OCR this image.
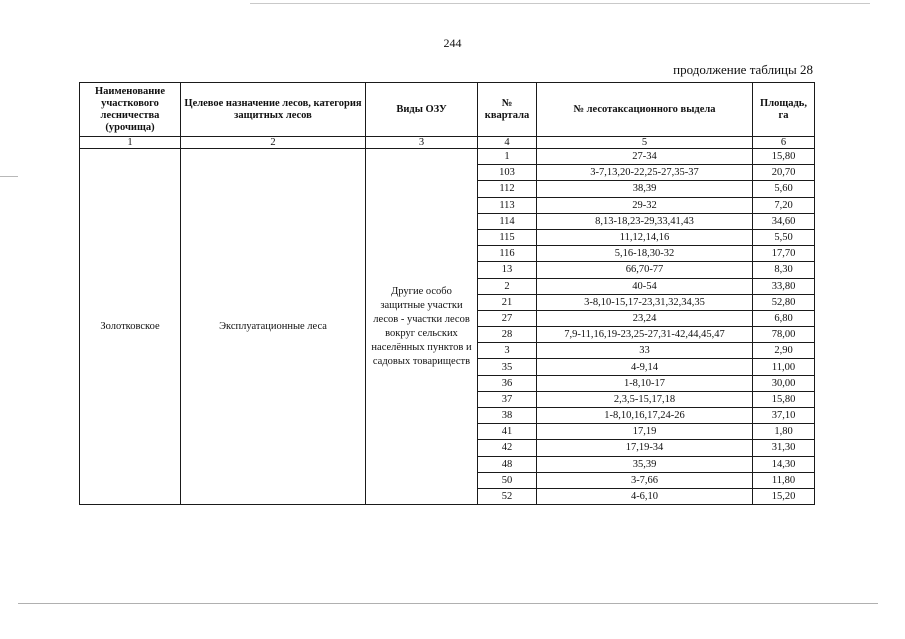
244
продолжение таблицы 28
Наименование участкового лесничества (урочища)	Целевое назначение лесов, категория защитных лесов	Виды ОЗУ	№ квартала	№ лесотаксационного выдела	Площадь, га
1	2	3	4	5	6
Золотковское	Эксплуатационные леса	Другие особо защитные участки лесов - участки лесов вокруг сельских населённых пунктов и садовых товариществ	1	27-34	15,80
			103	3-7,13,20-22,25-27,35-37	20,70
			112	38,39	5,60
			113	29-32	7,20
			114	8,13-18,23-29,33,41,43	34,60
			115	11,12,14,16	5,50
			116	5,16-18,30-32	17,70
			13	66,70-77	8,30
			2	40-54	33,80
			21	3-8,10-15,17-23,31,32,34,35	52,80
			27	23,24	6,80
			28	7,9-11,16,19-23,25-27,31-42,44,45,47	78,00
			3	33	2,90
			35	4-9,14	11,00
			36	1-8,10-17	30,00
			37	2,3,5-15,17,18	15,80
			38	1-8,10,16,17,24-26	37,10
			41	17,19	1,80
			42	17,19-34	31,30
			48	35,39	14,30
			50	3-7,66	11,80
			52	4-6,10	15,20
